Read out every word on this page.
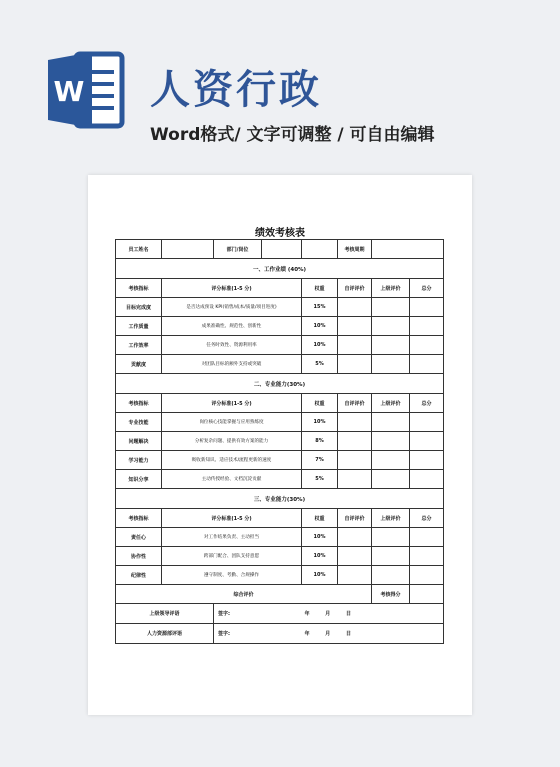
W 人资行政
Word格式/ 文字可调整 / 可自由编辑
绩效考核表
员工姓名		部门/岗位			考核周期		
一、工作业绩 (40%)							
考核指标	评分标准(1-5 分)			权重	自评评价	上级评价	总分
目标完成度	是否达成预设 KPI(销售/成本/质量/项目进度)			15%			
工作质量	成果准确性、规范性、创新性			10%			
工作效率	任务时效性、资源利用率			10%			
贡献度	对团队目标的额外支持或突破			5%			
二、专业能力(30%)							
考核指标	评分标准(1-5 分)			权重	自评评价	上级评价	总分
专业技能	岗位核心技能掌握与应用熟练度			10%			
问题解决	分析复杂问题、提供有效方案的能力			8%			
学习能力	吸收新知识、适应技术/流程更新的速度			7%			
知识分享	主动传授经验、文档沉淀贡献			5%			
三、专业能力(30%)							
考核指标	评分标准(1-5 分)			权重	自评评价	上级评价	总分
责任心	对工作结果负责、主动担当			10%			
协作性	跨部门配合、团队支持意愿			10%			
纪律性	遵守制度、考勤、合规操作			10%			
综合评价						考核得分	
上级领导评语		签字: 年 月 日					

人力资源部评语		签字: 年 月 日					
